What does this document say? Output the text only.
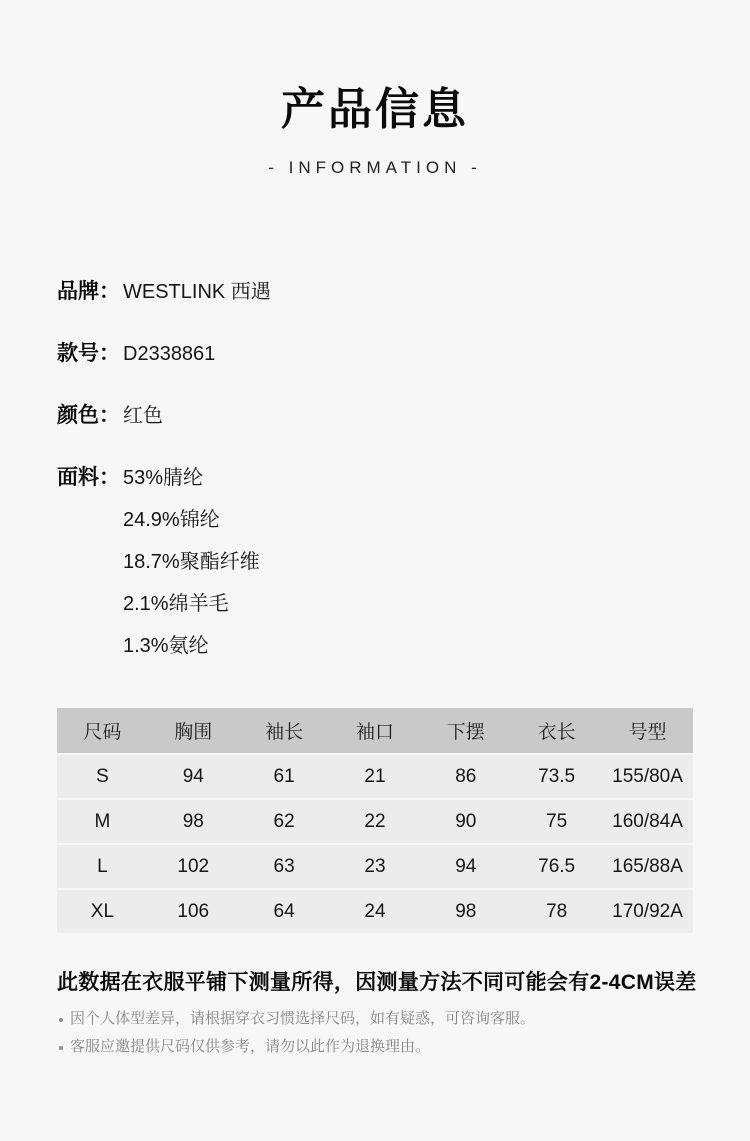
产品信息
- INFORMATION -
品牌： WESTLINK 西遇
款号： D2338861
颜色： 红色
面料： 53%腈纶
24.9%锦纶
18.7%聚酯纤维
2.1%绵羊毛
1.3%氨纶
尺码	胸围	袖长	袖口	下摆	衣长	号型
S	94	61	21	86	73.5	155/80A
M	98	62	22	90	75	160/84A
L	102	63	23	94	76.5	165/88A
XL	106	64	24	98	78	170/92A
此数据在衣服平铺下测量所得，因测量方法不同可能会有2-4CM误差
因个人体型差异，请根据穿衣习惯选择尺码，如有疑惑，可咨询客服。
客服应邀提供尺码仅供参考，请勿以此作为退换理由。
